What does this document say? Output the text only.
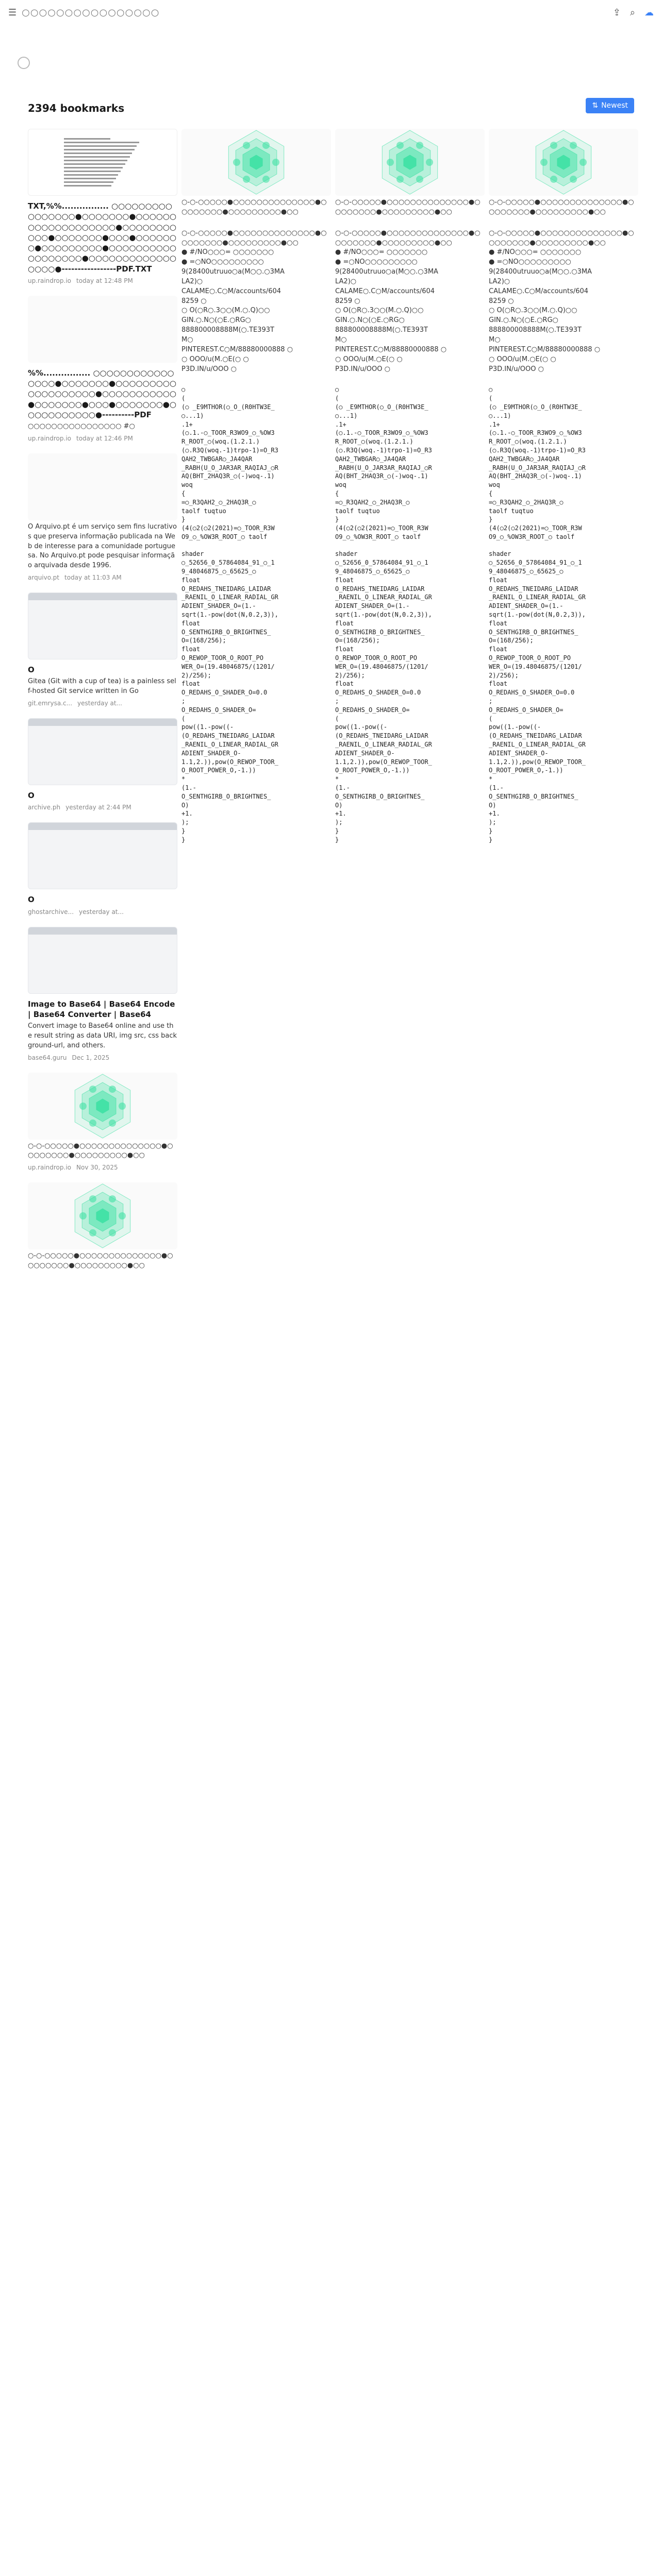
☰ ○○○○○○○○○○○○○○○○	⇪ ⌕ ☁
2394 bookmarks	⇅ Newest
TXT,%%................ ○○○○○○○○○○○○○○○○●○○○○○○○●○○○○○○○○○○○○○○○○○○○●○○○○○○○○○○○●○○○○○○○●○○○●○○○○○○○●○○○○○○○○○●○○○○○○○○○○○○○○○○○○●○○○○○○○○○○○○○○○○○●-----------------PDF.TXT
up.raindrop.io today at 12:48 PM
%%................ ○○○○○○○○○○○○○○○○●○○○○○○○●○○○○○○○○○○○○○○○○○○○●○○○○○○○○○○○●○○○○○○○●○○○●○○○○○○○●○○○○○○○○○○○●----------PDF
○○○○○○○○○○○○○○○○ #○
up.raindrop.io today at 12:46 PM
O Arquivo.pt é um serviço sem fins lucrativos que preserva informação publicada na Web de interesse para a comunidade portuguesa. No Arquivo.pt pode pesquisar informação arquivada desde 1996.
arquivo.pt today at 11:03 AM
O
Gitea (Git with a cup of tea) is a painless self-hosted Git service written in Go
git.emrysa.c... yesterday at...
O
archive.ph yesterday at 2:44 PM
O
ghostarchive... yesterday at...
Image to Base64 | Base64 Encode | Base64 Converter | Base64
Convert image to Base64 online and use the result string as data URI, img src, css background-url, and others.
base64.guru Dec 1, 2025
○-○-○○○○○●○○○○○○○○○○○○○○●○○○○○○○○●○○○○○○○○○●○○
up.raindrop.io Nov 30, 2025
○-○-○○○○○●○○○○○○○○○○○○○○●○○○○○○○○●○○○○○○○○○●○○
○-○-○○○○○●○○○○○○○○○○○○○○●○○○○○○○○●○○○○○○○○○●○○
○-○-○○○○○●○○○○○○○○○○○○○○●○○○○○○○○●○○○○○○○○○●○○
● #/NO○○○= ○○○○○○○
● =○NO○○○○○○○○○
9(28400utruuo○a(M○○.○3MA
LA2)○
CALAME○.C○M/accounts/604
8259 ○
○ O(○R○.3○○(M.○.Q)○○
GIN.○.N○(○E.○RG○
888800008888M(○.TE393T
M○
PINTEREST.C○M/88880000888 ○
○ OOO/u(M.○E(○ ○
P3D.IN/u/OOO ○
○
(
(○ _E9MTHOR(○_O_(R0HTW3E_
○...1)
.1+
(○.1.-○_TOOR_R3WO9_○_%OW3
R_ROOT_○(woq.(1.2.1.)
(○.R3Q(woq.-1)trpo-1)=O_R3
QAH2_TWBGAR○_JA4QAR
_RABH(U_O_JAR3AR_RAQIAJ_○R
AQ(BHT_2HAQ3R_○(-)woq-.1)
woq
{
=○_R3QAH2_○_2HAQ3R_○
taolf tuqtuo
}
(4(○2(○2(2021)=○_TOOR_R3W
O9_○_%OW3R_ROOT_○ taolf

shader
○_52656_0_57864084_91_○_1
9_48046875_○_65625_○
float
O_REDAHS_TNEIDARG_LAIDAR
_RAENIL_O_LINEAR_RADIAL_GR
ADIENT_SHADER_O=(1.-
sqrt(1.-pow(dot(N,0.2,3)),
float
O_SENTHGIRB_O_BRIGHTNES_
O=(168/256);
float
O_REWOP_TOOR_O_ROOT_PO
WER_O=(19.48046875/(1201/
2)/256);
float
O_REDAHS_O_SHADER_O=0.0
;
O_REDAHS_O_SHADER_O=
(
pow((1.-pow((-
(O_REDAHS_TNEIDARG_LAIDAR
_RAENIL_O_LINEAR_RADIAL_GR
ADIENT_SHADER_O-
1.1,2.)),pow(O_REWOP_TOOR_
O_ROOT_POWER_O,-1.))
*
(1.-
O_SENTHGIRB_O_BRIGHTNES_
O)
+1.
);
}
}
○-○-○○○○○●○○○○○○○○○○○○○○●○○○○○○○○●○○○○○○○○○●○○
○-○-○○○○○●○○○○○○○○○○○○○○●○○○○○○○○●○○○○○○○○○●○○
● #/NO○○○= ○○○○○○○
● =○NO○○○○○○○○○
9(28400utruuo○a(M○○.○3MA
LA2)○
CALAME○.C○M/accounts/604
8259 ○
○ O(○R○.3○○(M.○.Q)○○
GIN.○.N○(○E.○RG○
888800008888M(○.TE393T
M○
PINTEREST.C○M/88880000888 ○
○ OOO/u(M.○E(○ ○
P3D.IN/u/OOO ○
○
(
(○ _E9MTHOR(○_O_(R0HTW3E_
○...1)
.1+
(○.1.-○_TOOR_R3WO9_○_%OW3
R_ROOT_○(woq.(1.2.1.)
(○.R3Q(woq.-1)trpo-1)=O_R3
QAH2_TWBGAR○_JA4QAR
_RABH(U_O_JAR3AR_RAQIAJ_○R
AQ(BHT_2HAQ3R_○(-)woq-.1)
woq
{
=○_R3QAH2_○_2HAQ3R_○
taolf tuqtuo
}
(4(○2(○2(2021)=○_TOOR_R3W
O9_○_%OW3R_ROOT_○ taolf

shader
○_52656_0_57864084_91_○_1
9_48046875_○_65625_○
float
O_REDAHS_TNEIDARG_LAIDAR
_RAENIL_O_LINEAR_RADIAL_GR
ADIENT_SHADER_O=(1.-
sqrt(1.-pow(dot(N,0.2,3)),
float
O_SENTHGIRB_O_BRIGHTNES_
O=(168/256);
float
O_REWOP_TOOR_O_ROOT_PO
WER_O=(19.48046875/(1201/
2)/256);
float
O_REDAHS_O_SHADER_O=0.0
;
O_REDAHS_O_SHADER_O=
(
pow((1.-pow((-
(O_REDAHS_TNEIDARG_LAIDAR
_RAENIL_O_LINEAR_RADIAL_GR
ADIENT_SHADER_O-
1.1,2.)),pow(O_REWOP_TOOR_
O_ROOT_POWER_O,-1.))
*
(1.-
O_SENTHGIRB_O_BRIGHTNES_
O)
+1.
);
}
}
○-○-○○○○○●○○○○○○○○○○○○○○●○○○○○○○○●○○○○○○○○○●○○
○-○-○○○○○●○○○○○○○○○○○○○○●○○○○○○○○●○○○○○○○○○●○○
● #/NO○○○= ○○○○○○○
● =○NO○○○○○○○○○
9(28400utruuo○a(M○○.○3MA
LA2)○
CALAME○.C○M/accounts/604
8259 ○
○ O(○R○.3○○(M.○.Q)○○
GIN.○.N○(○E.○RG○
888800008888M(○.TE393T
M○
PINTEREST.C○M/88880000888 ○
○ OOO/u(M.○E(○ ○
P3D.IN/u/OOO ○
○
(
(○ _E9MTHOR(○_O_(R0HTW3E_
○...1)
.1+
(○.1.-○_TOOR_R3WO9_○_%OW3
R_ROOT_○(woq.(1.2.1.)
(○.R3Q(woq.-1)trpo-1)=O_R3
QAH2_TWBGAR○_JA4QAR
_RABH(U_O_JAR3AR_RAQIAJ_○R
AQ(BHT_2HAQ3R_○(-)woq-.1)
woq
{
=○_R3QAH2_○_2HAQ3R_○
taolf tuqtuo
}
(4(○2(○2(2021)=○_TOOR_R3W
O9_○_%OW3R_ROOT_○ taolf

shader
○_52656_0_57864084_91_○_1
9_48046875_○_65625_○
float
O_REDAHS_TNEIDARG_LAIDAR
_RAENIL_O_LINEAR_RADIAL_GR
ADIENT_SHADER_O=(1.-
sqrt(1.-pow(dot(N,0.2,3)),
float
O_SENTHGIRB_O_BRIGHTNES_
O=(168/256);
float
O_REWOP_TOOR_O_ROOT_PO
WER_O=(19.48046875/(1201/
2)/256);
float
O_REDAHS_O_SHADER_O=0.0
;
O_REDAHS_O_SHADER_O=
(
pow((1.-pow((-
(O_REDAHS_TNEIDARG_LAIDAR
_RAENIL_O_LINEAR_RADIAL_GR
ADIENT_SHADER_O-
1.1,2.)),pow(O_REWOP_TOOR_
O_ROOT_POWER_O,-1.))
*
(1.-
O_SENTHGIRB_O_BRIGHTNES_
O)
+1.
);
}
}
